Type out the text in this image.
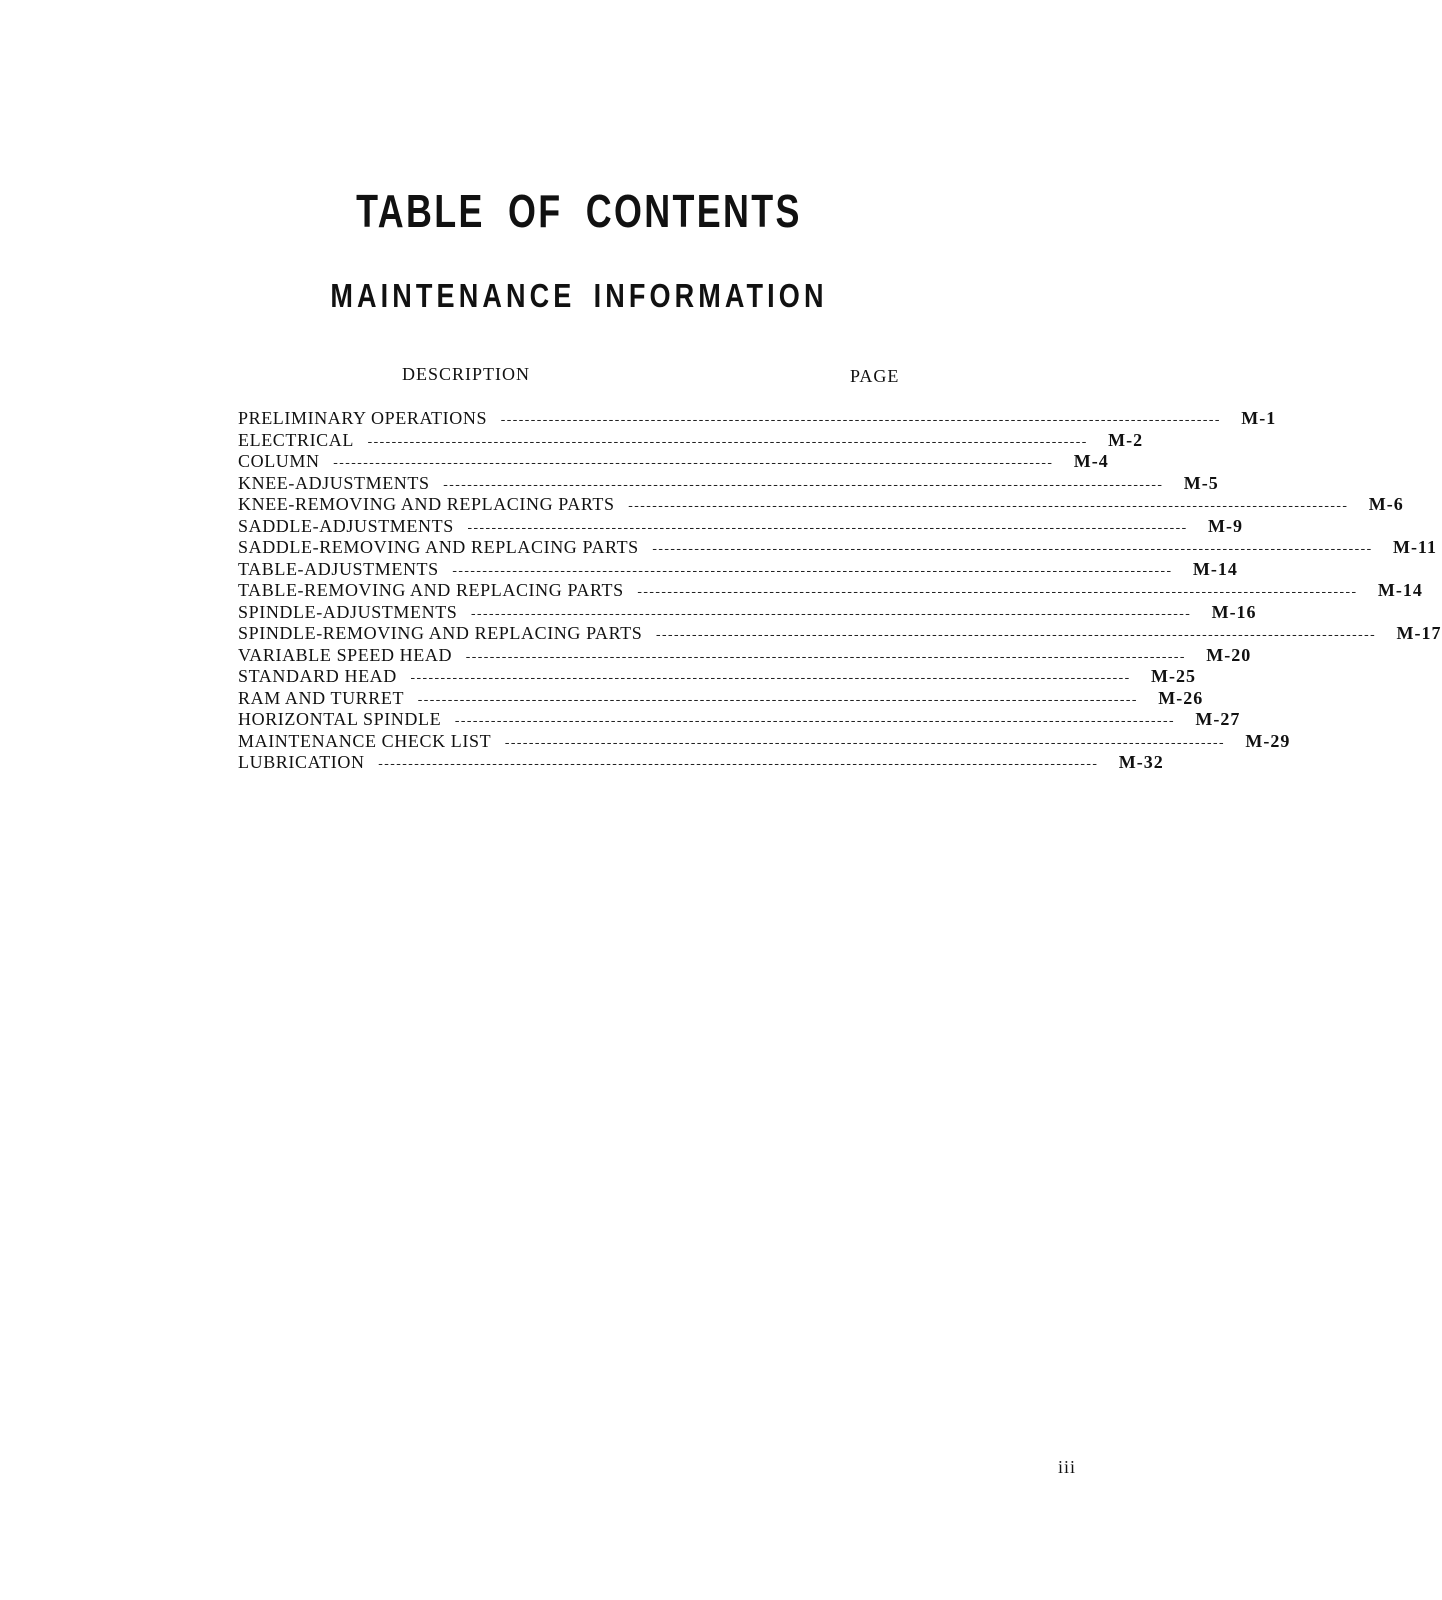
TABLE OF CONTENTS
MAINTENANCE INFORMATION
DESCRIPTION	PAGE
PRELIMINARY OPERATIONS ------------------------------------------------------------------------------------------------------------------------ M-1
ELECTRICAL ------------------------------------------------------------------------------------------------------------------------ M-2
COLUMN ------------------------------------------------------------------------------------------------------------------------ M-4
KNEE-ADJUSTMENTS ------------------------------------------------------------------------------------------------------------------------ M-5
KNEE-REMOVING AND REPLACING PARTS ------------------------------------------------------------------------------------------------------------------------ M-6
SADDLE-ADJUSTMENTS ------------------------------------------------------------------------------------------------------------------------ M-9
SADDLE-REMOVING AND REPLACING PARTS ------------------------------------------------------------------------------------------------------------------------ M-11
TABLE-ADJUSTMENTS ------------------------------------------------------------------------------------------------------------------------ M-14
TABLE-REMOVING AND REPLACING PARTS ------------------------------------------------------------------------------------------------------------------------ M-14
SPINDLE-ADJUSTMENTS ------------------------------------------------------------------------------------------------------------------------ M-16
SPINDLE-REMOVING AND REPLACING PARTS ------------------------------------------------------------------------------------------------------------------------ M-17
VARIABLE SPEED HEAD ------------------------------------------------------------------------------------------------------------------------ M-20
STANDARD HEAD ------------------------------------------------------------------------------------------------------------------------ M-25
RAM AND TURRET ------------------------------------------------------------------------------------------------------------------------ M-26
HORIZONTAL SPINDLE ------------------------------------------------------------------------------------------------------------------------ M-27
MAINTENANCE CHECK LIST ------------------------------------------------------------------------------------------------------------------------ M-29
LUBRICATION ------------------------------------------------------------------------------------------------------------------------ M-32
iii
